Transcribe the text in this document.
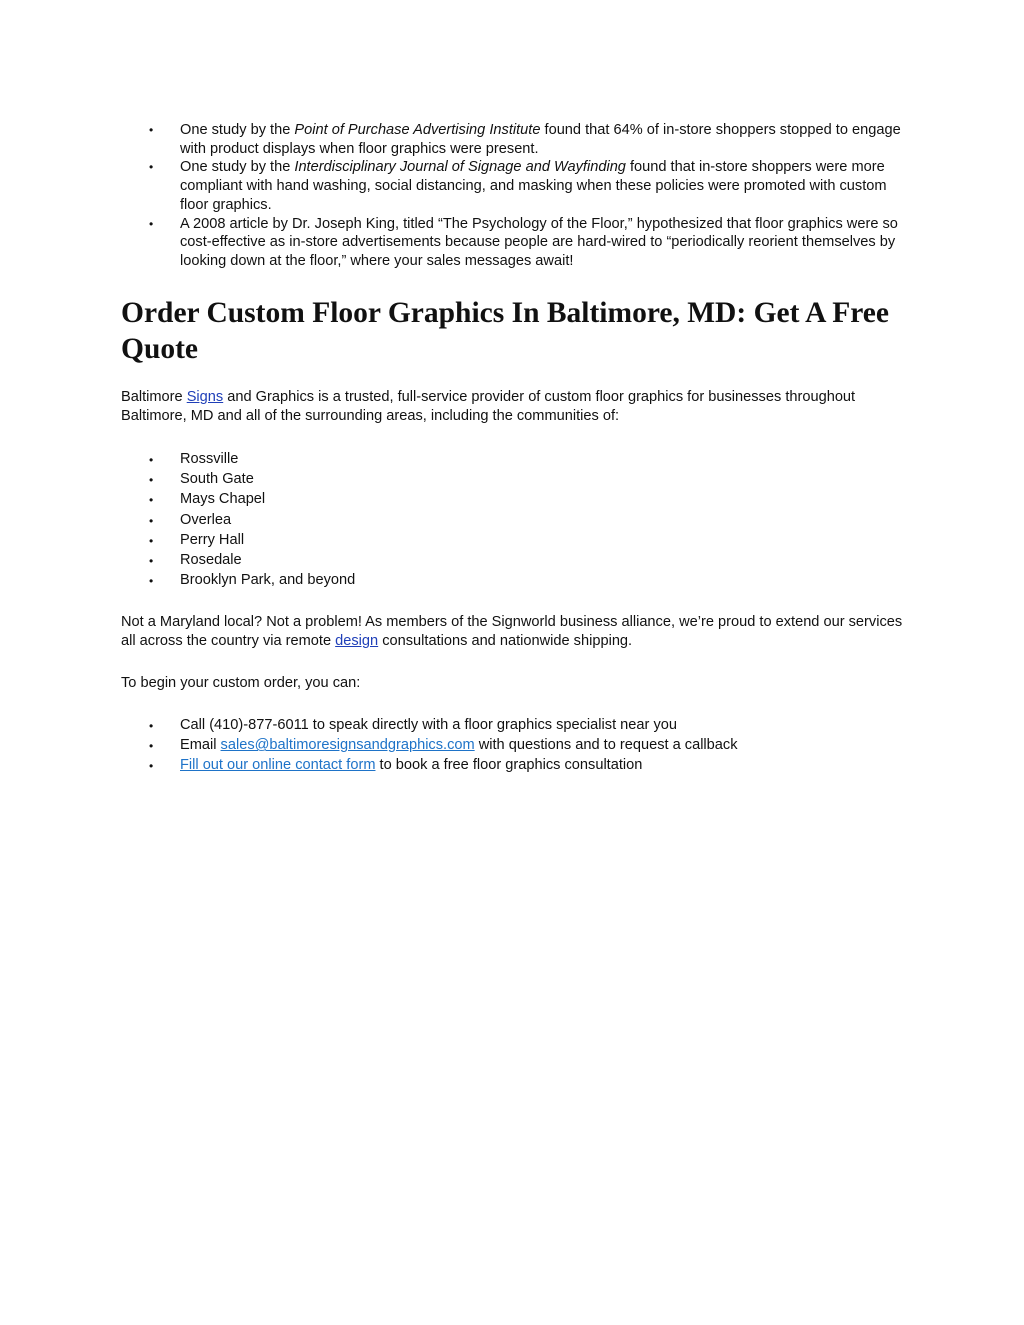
• One study by the Point of Purchase Advertising Institute found that 64% of in-store shoppers stopped to engage with product displays when floor graphics were present.
• One study by the Interdisciplinary Journal of Signage and Wayfinding found that in-store shoppers were more compliant with hand washing, social distancing, and masking when these policies were promoted with custom floor graphics.
• A 2008 article by Dr. Joseph King, titled “The Psychology of the Floor,” hypothesized that floor graphics were so cost-effective as in-store advertisements because people are hard-wired to “periodically reorient themselves by looking down at the floor,” where your sales messages await!
Order Custom Floor Graphics In Baltimore, MD: Get A Free Quote

Baltimore Signs and Graphics is a trusted, full-service provider of custom floor graphics for businesses throughout Baltimore, MD and all of the surrounding areas, including the communities of:

• Rossville
• South Gate
• Mays Chapel
• Overlea
• Perry Hall
• Rosedale
• Brooklyn Park, and beyond

Not a Maryland local? Not a problem! As members of the Signworld business alliance, we’re proud to extend our services all across the country via remote design consultations and nationwide shipping.

To begin your custom order, you can:

• Call (410)-877-6011 to speak directly with a floor graphics specialist near you
• Email sales@baltimoresignsandgraphics.com with questions and to request a callback
• Fill out our online contact form to book a free floor graphics consultation
